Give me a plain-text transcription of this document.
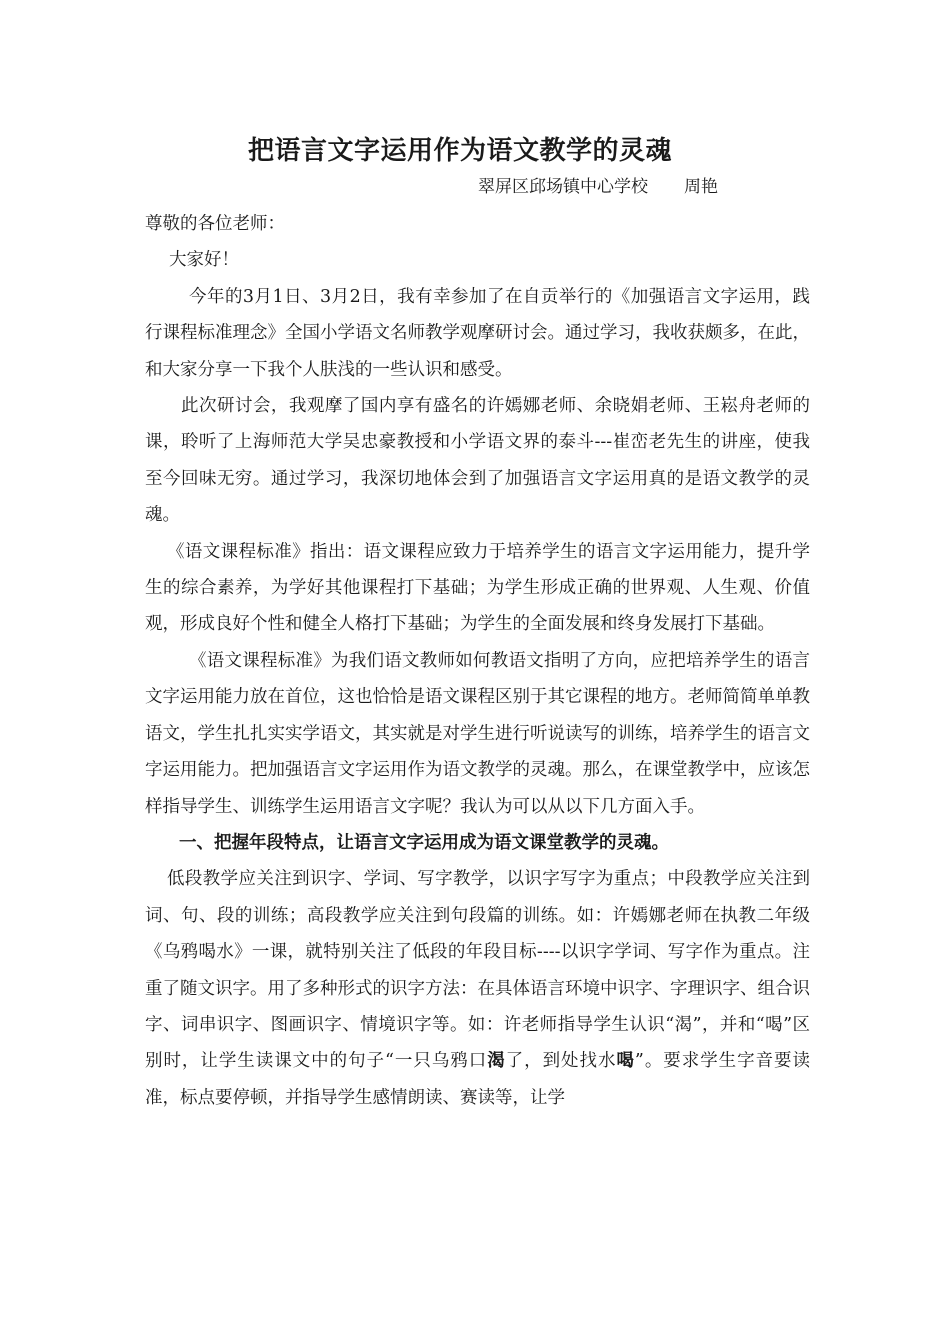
把语言文字运用作为语文教学的灵魂
翠屏区邱场镇中心学校 周艳

尊敬的各位老师：

大家好！

今年的3月1日、3月2日，我有幸参加了在自贡举行的《加强语言文字运用，践行课程标准理念》全国小学语文名师教学观摩研讨会。通过学习，我收获颇多，在此，和大家分享一下我个人肤浅的一些认识和感受。

此次研讨会，我观摩了国内享有盛名的许嫣娜老师、余晓娟老师、王崧舟老师的课，聆听了上海师范大学吴忠豪教授和小学语文界的泰斗---崔峦老先生的讲座，使我至今回味无穷。通过学习，我深切地体会到了加强语言文字运用真的是语文教学的灵魂。

《语文课程标准》指出：语文课程应致力于培养学生的语言文字运用能力，提升学生的综合素养，为学好其他课程打下基础；为学生形成正确的世界观、人生观、价值观，形成良好个性和健全人格打下基础；为学生的全面发展和终身发展打下基础。

《语文课程标准》为我们语文教师如何教语文指明了方向，应把培养学生的语言文字运用能力放在首位，这也恰恰是语文课程区别于其它课程的地方。老师简简单单教语文，学生扎扎实实学语文，其实就是对学生进行听说读写的训练，培养学生的语言文字运用能力。把加强语言文字运用作为语文教学的灵魂。那么，在课堂教学中，应该怎样指导学生、训练学生运用语言文字呢？我认为可以从以下几方面入手。

一、把握年段特点，让语言文字运用成为语文课堂教学的灵魂。

低段教学应关注到识字、学词、写字教学，以识字写字为重点；中段教学应关注到词、句、段的训练；高段教学应关注到句段篇的训练。如：许嫣娜老师在执教二年级《乌鸦喝水》一课，就特别关注了低段的年段目标----以识字学词、写字作为重点。注重了随文识字。用了多种形式的识字方法：在具体语言环境中识字、字理识字、组合识字、词串识字、图画识字、情境识字等。如：许老师指导学生认识“渴”，并和“喝”区别时，让学生读课文中的句子“一只乌鸦口渴了，到处找水喝”。要求学生字音要读准，标点要停顿，并指导学生感情朗读、赛读等，让学
